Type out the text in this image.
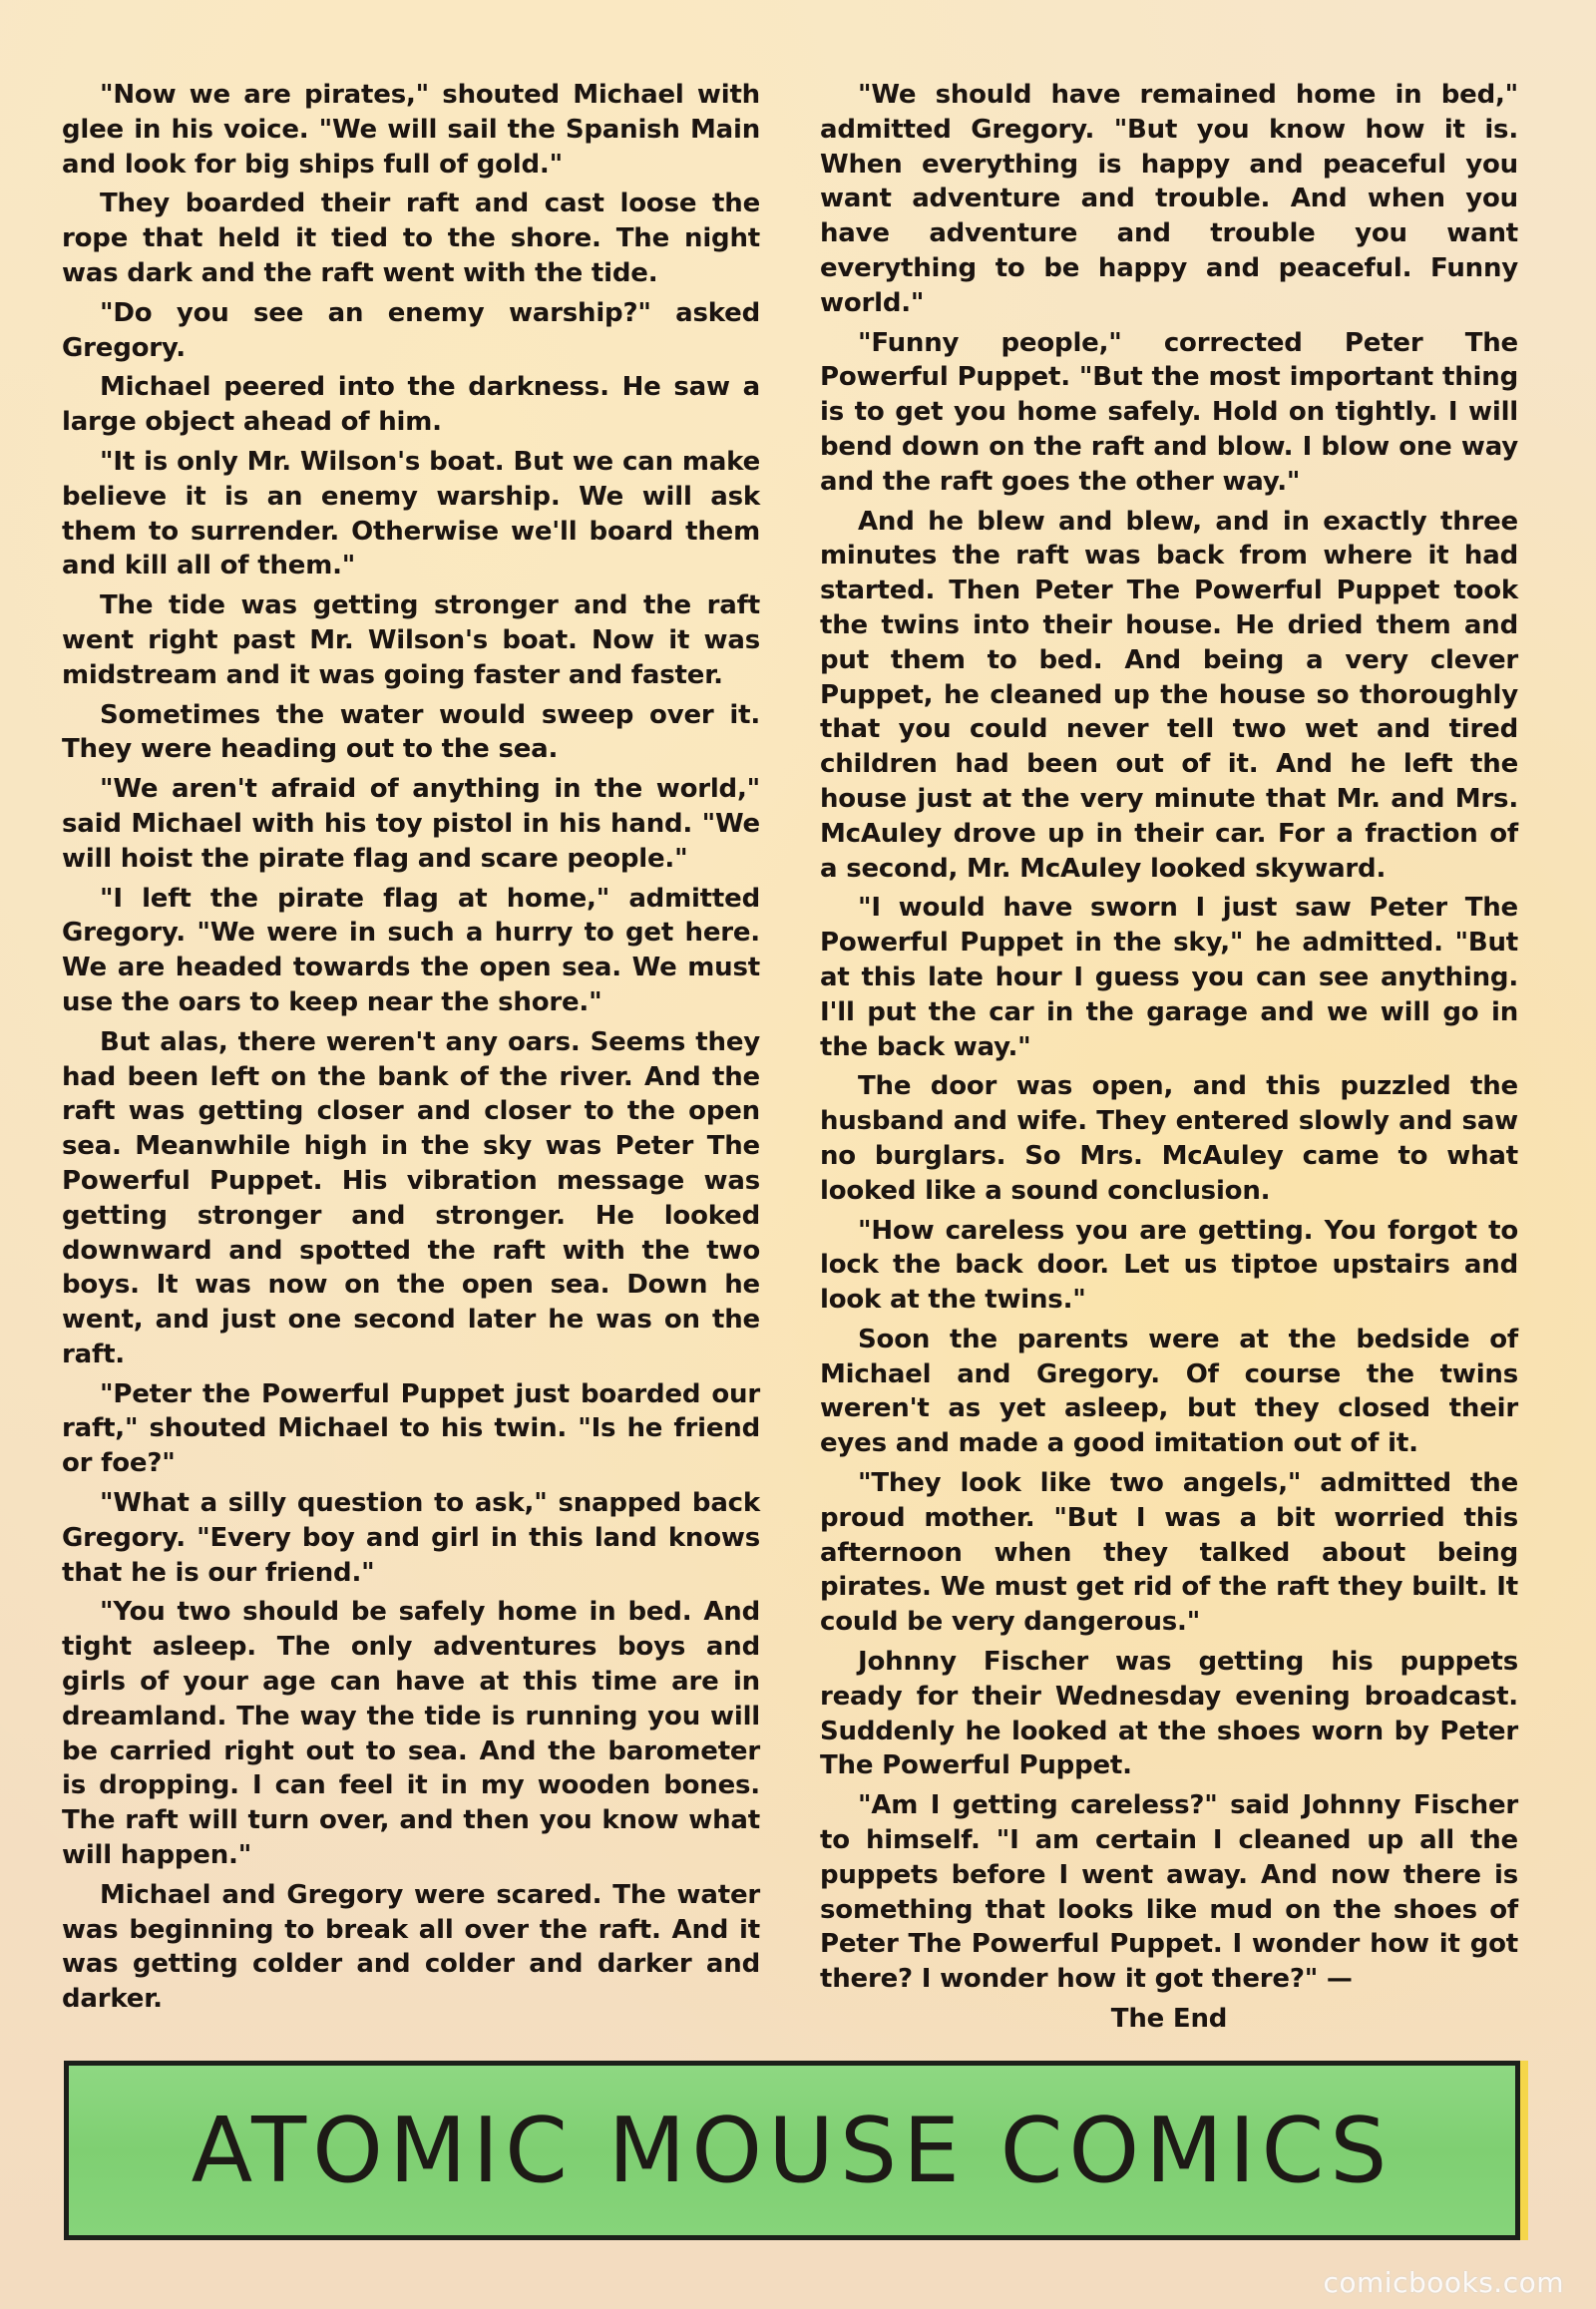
"Now we are pirates," shouted Michael with glee in his voice. "We will sail the Spanish Main and look for big ships full of gold."

They boarded their raft and cast loose the rope that held it tied to the shore. The night was dark and the raft went with the tide.

"Do you see an enemy warship?" asked Gregory.

Michael peered into the darkness. He saw a large object ahead of him.

"It is only Mr. Wilson's boat. But we can make believe it is an enemy warship. We will ask them to surrender. Otherwise we'll board them and kill all of them."

The tide was getting stronger and the raft went right past Mr. Wilson's boat. Now it was midstream and it was going faster and faster.

Sometimes the water would sweep over it. They were heading out to the sea.

"We aren't afraid of anything in the world," said Michael with his toy pistol in his hand. "We will hoist the pirate flag and scare people."

"I left the pirate flag at home," admitted Gregory. "We were in such a hurry to get here. We are headed towards the open sea. We must use the oars to keep near the shore."

But alas, there weren't any oars. Seems they had been left on the bank of the river. And the raft was getting closer and closer to the open sea. Meanwhile high in the sky was Peter The Powerful Puppet. His vibration message was getting stronger and stronger. He looked downward and spotted the raft with the two boys. It was now on the open sea. Down he went, and just one second later he was on the raft.

"Peter the Powerful Puppet just boarded our raft," shouted Michael to his twin. "Is he friend or foe?"

"What a silly question to ask," snapped back Gregory. "Every boy and girl in this land knows that he is our friend."

"You two should be safely home in bed. And tight asleep. The only adventures boys and girls of your age can have at this time are in dreamland. The way the tide is running you will be carried right out to sea. And the barometer is dropping. I can feel it in my wooden bones. The raft will turn over, and then you know what will happen."

Michael and Gregory were scared. The water was beginning to break all over the raft. And it was getting colder and colder and darker and darker.

"We should have remained home in bed," admitted Gregory. "But you know how it is. When everything is happy and peaceful you want adventure and trouble. And when you have adventure and trouble you want everything to be happy and peaceful. Funny world."

"Funny people," corrected Peter The Powerful Puppet. "But the most important thing is to get you home safely. Hold on tightly. I will bend down on the raft and blow. I blow one way and the raft goes the other way."

And he blew and blew, and in exactly three minutes the raft was back from where it had started. Then Peter The Powerful Puppet took the twins into their house. He dried them and put them to bed. And being a very clever Puppet, he cleaned up the house so thoroughly that you could never tell two wet and tired children had been out of it. And he left the house just at the very minute that Mr. and Mrs. McAuley drove up in their car. For a fraction of a second, Mr. McAuley looked skyward.

"I would have sworn I just saw Peter The Powerful Puppet in the sky," he admitted. "But at this late hour I guess you can see anything. I'll put the car in the garage and we will go in the back way."

The door was open, and this puzzled the husband and wife. They entered slowly and saw no burglars. So Mrs. McAuley came to what looked like a sound conclusion.

"How careless you are getting. You forgot to lock the back door. Let us tiptoe upstairs and look at the twins."

Soon the parents were at the bedside of Michael and Gregory. Of course the twins weren't as yet asleep, but they closed their eyes and made a good imitation out of it.

"They look like two angels," admitted the proud mother. "But I was a bit worried this afternoon when they talked about being pirates. We must get rid of the raft they built. It could be very dangerous."

Johnny Fischer was getting his puppets ready for their Wednesday evening broadcast. Suddenly he looked at the shoes worn by Peter The Powerful Puppet.

"Am I getting careless?" said Johnny Fischer to himself. "I am certain I cleaned up all the puppets before I went away. And now there is something that looks like mud on the shoes of Peter The Powerful Puppet. I wonder how it got there? I wonder how it got there?" —

The End

ATOMIC MOUSE COMICS
comicbooks.com
